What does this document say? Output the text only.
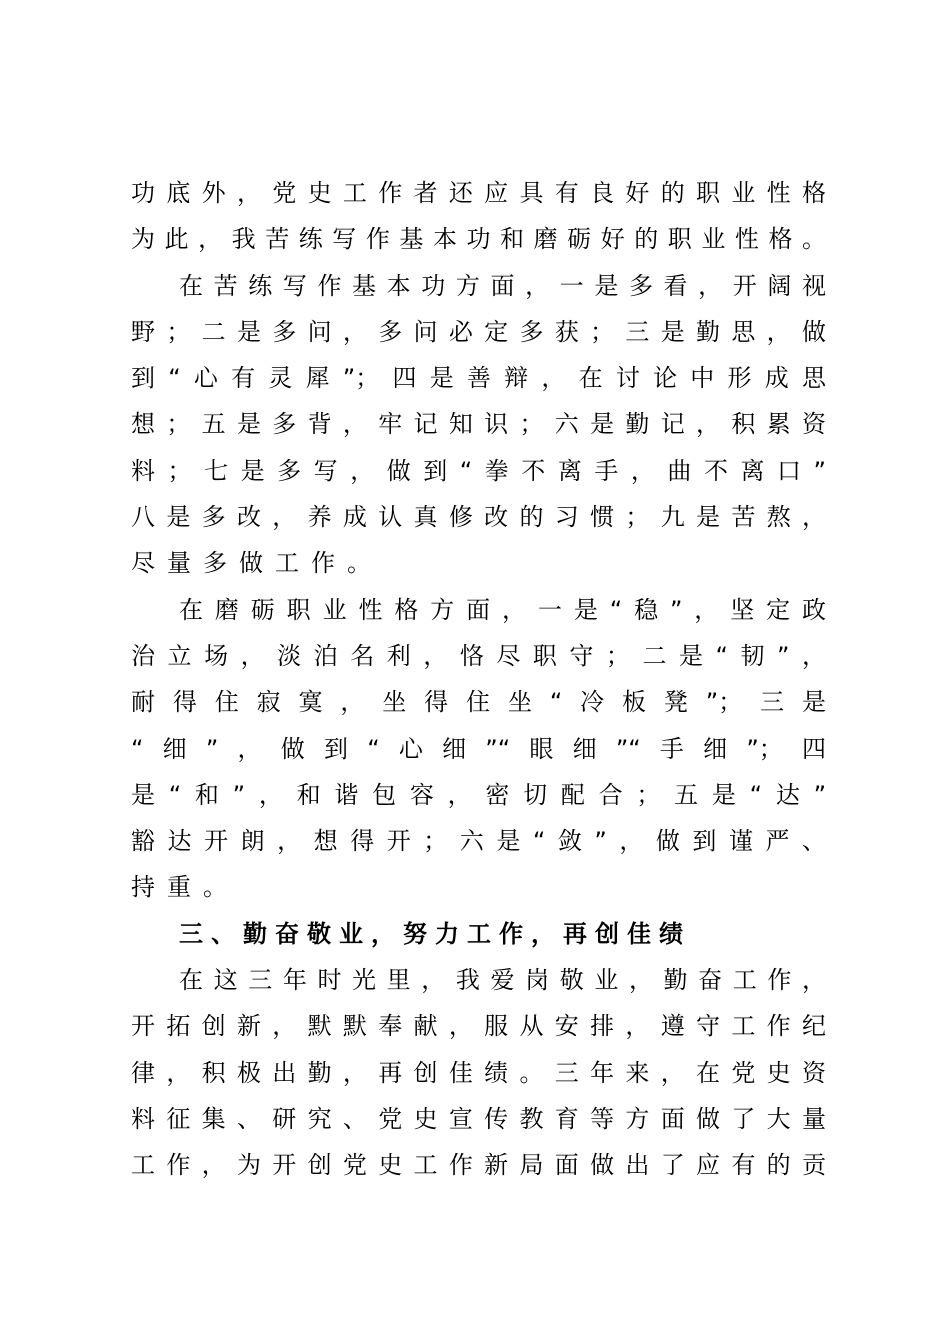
功底外，党史工作者还应具有良好的职业性格
为此，我苦练写作基本功和磨砺好的职业性格。
在苦练写作基本功方面，一是多看，开阔视
野；二是多问，多问必定多获；三是勤思，做
到“心有灵犀”；四是善辩，在讨论中形成思
想；五是多背，牢记知识；六是勤记，积累资
料；七是多写，做到“拳不离手，曲不离口”
八是多改，养成认真修改的习惯；九是苦熬，
尽量多做工作。
在磨砺职业性格方面，一是“稳”，坚定政
治立场，淡泊名利，恪尽职守；二是“韧”，
耐得住寂寞，坐得住坐“冷板凳”；三是
“细”，做到“心细”“眼细”“手细”；四
是“和”，和谐包容，密切配合；五是“达”
豁达开朗，想得开；六是“敛”，做到谨严、
持重。
三、勤奋敬业，努力工作，再创佳绩
在这三年时光里，我爱岗敬业，勤奋工作，
开拓创新，默默奉献，服从安排，遵守工作纪
律，积极出勤，再创佳绩。三年来，在党史资
料征集、研究、党史宣传教育等方面做了大量
工作，为开创党史工作新局面做出了应有的贡
